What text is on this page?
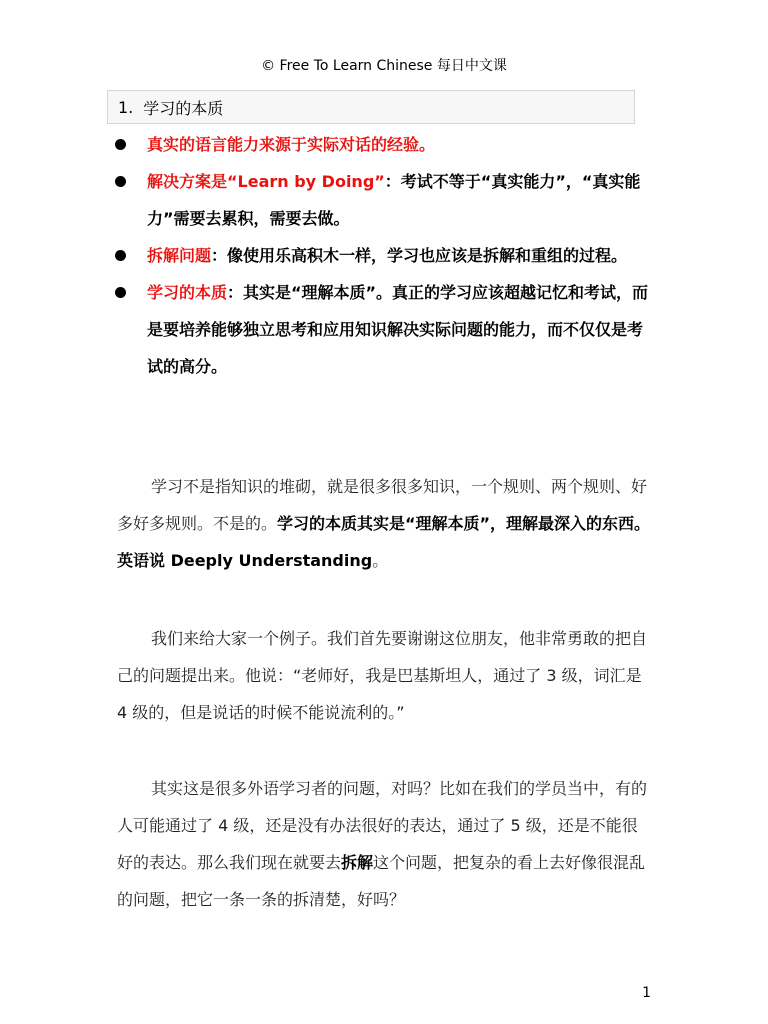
© Free To Learn Chinese 每日中文课
1. 学习的本质
真实的语言能力来源于实际对话的经验。
解决方案是“Learn by Doing”：考试不等于“真实能力”，“真实能力”需要去累积，需要去做。
拆解问题：像使用乐高积木一样，学习也应该是拆解和重组的过程。
学习的本质：其实是“理解本质”。真正的学习应该超越记忆和考试，而是要培养能够独立思考和应用知识解决实际问题的能力，而不仅仅是考试的高分。
学习不是指知识的堆砌，就是很多很多知识，一个规则、两个规则、好多好多规则。不是的。学习的本质其实是“理解本质”，理解最深入的东西。英语说 Deeply Understanding。
我们来给大家一个例子。我们首先要谢谢这位朋友，他非常勇敢的把自己的问题提出来。他说：“老师好，我是巴基斯坦人，通过了 3 级，词汇是 4 级的，但是说话的时候不能说流利的。”
其实这是很多外语学习者的问题，对吗？比如在我们的学员当中，有的人可能通过了 4 级，还是没有办法很好的表达，通过了 5 级，还是不能很好的表达。那么我们现在就要去拆解这个问题，把复杂的看上去好像很混乱的问题，把它一条一条的拆清楚，好吗？
1
